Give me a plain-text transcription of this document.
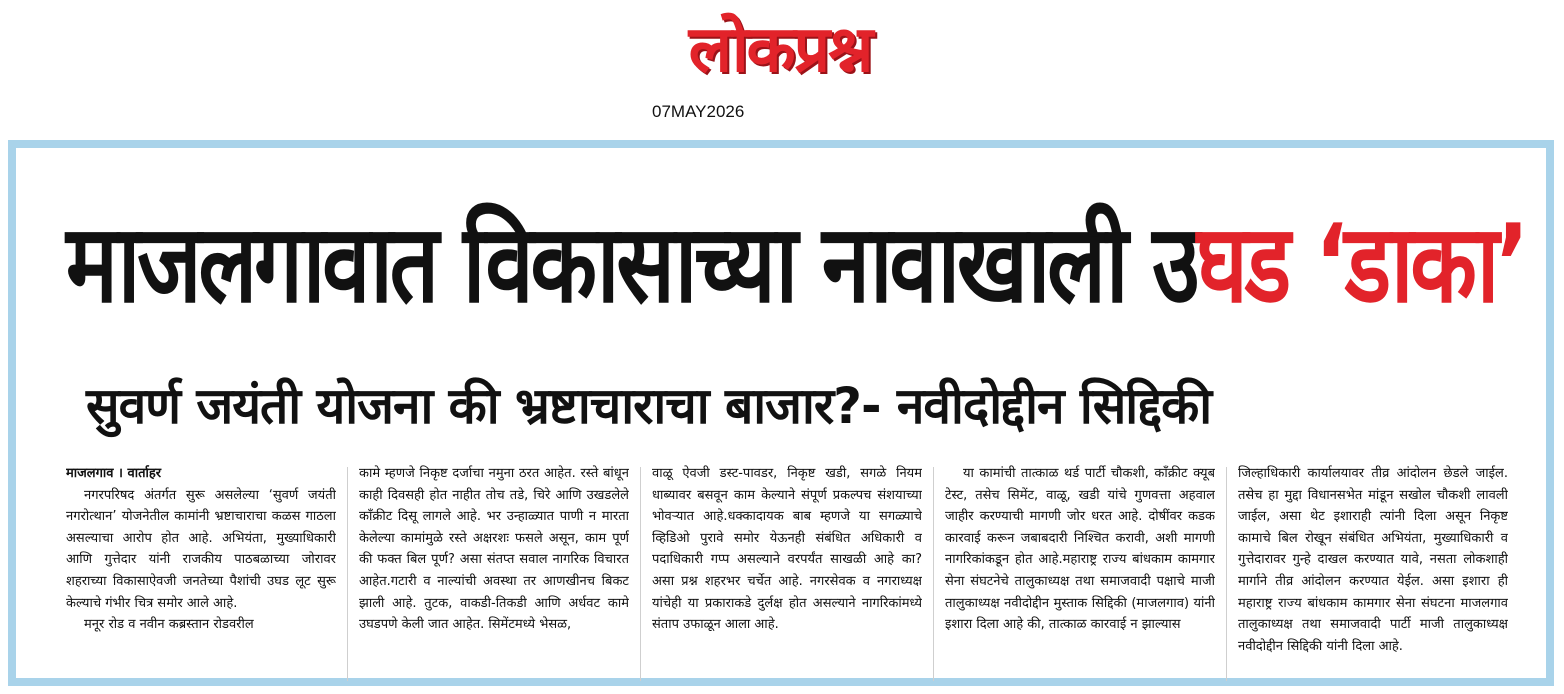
लोकप्रश्न
07MAY2026
माजलगावात विकासाच्या नावाखाली उघड ‘डाका’
सुवर्ण जयंती योजना की भ्रष्टाचाराचा बाजार?- नवीदोद्दीन सिद्दिकी

माजलगाव । वार्ताहर

नगरपरिषद अंतर्गत सुरू असलेल्या ‘सुवर्ण जयंती नगरोत्थान’ योजनेतील कामांनी भ्रष्टाचाराचा कळस गाठला असल्याचा आरोप होत आहे. अभियंता, मुख्याधिकारी आणि गुत्तेदार यांनी राजकीय पाठबळाच्या जोरावर शहराच्या विकासाऐवजी जनतेच्या पैशांची उघड लूट सुरू केल्याचे गंभीर चित्र समोर आले आहे.

मनूर रोड व नवीन कब्रस्तान रोडवरील

कामे म्हणजे निकृष्ट दर्जाचा नमुना ठरत आहेत. रस्ते बांधून काही दिवसही होत नाहीत तोच तडे, चिरे आणि उखडलेले काँक्रीट दिसू लागले आहे. भर उन्हाळ्यात पाणी न मारता केलेल्या कामांमुळे रस्ते अक्षरशः फसले असून, काम पूर्ण की फक्त बिल पूर्ण? असा संतप्त सवाल नागरिक विचारत आहेत.गटारी व नाल्यांची अवस्था तर आणखीनच बिकट झाली आहे. तुटक, वाकडी-तिकडी आणि अर्धवट कामे उघडपणे केली जात आहेत. सिमेंटमध्ये भेसळ,

वाळू ऐवजी डस्ट-पावडर, निकृष्ट खडी, सगळे नियम धाब्यावर बसवून काम केल्याने संपूर्ण प्रकल्पच संशयाच्या भोवऱ्यात आहे.धक्कादायक बाब म्हणजे या सगळ्याचे व्हिडिओ पुरावे समोर येऊनही संबंधित अधिकारी व पदाधिकारी गप्प असल्याने वरपर्यंत साखळी आहे का? असा प्रश्न शहरभर चर्चेत आहे. नगरसेवक व नगराध्यक्ष यांचेही या प्रकाराकडे दुर्लक्ष होत असल्याने नागरिकांमध्ये संताप उफाळून आला आहे.

या कामांची तात्काळ थर्ड पार्टी चौकशी, काँक्रीट क्यूब टेस्ट, तसेच सिमेंट, वाळू, खडी यांचे गुणवत्ता अहवाल जाहीर करण्याची मागणी जोर धरत आहे. दोषींवर कडक कारवाई करून जबाबदारी निश्चित करावी, अशी मागणी नागरिकांकडून होत आहे.महाराष्ट्र राज्य बांधकाम कामगार सेना संघटनेचे तालुकाध्यक्ष तथा समाजवादी पक्षाचे माजी तालुकाध्यक्ष नवीदोद्दीन मुस्ताक सिद्दिकी (माजलगाव) यांनी इशारा दिला आहे की, तात्काळ कारवाई न झाल्यास

जिल्हाधिकारी कार्यालयावर तीव्र आंदोलन छेडले जाईल. तसेच हा मुद्दा विधानसभेत मांडून सखोल चौकशी लावली जाईल, असा थेट इशाराही त्यांनी दिला असून निकृष्ट कामाचे बिल रोखून संबंधित अभियंता, मुख्याधिकारी व गुत्तेदारावर गुन्हे दाखल करण्यात यावे, नसता लोकशाही मार्गाने तीव्र आंदोलन करण्यात येईल. असा इशारा ही महाराष्ट्र राज्य बांधकाम कामगार सेना संघटना माजलगाव तालुकाध्यक्ष तथा समाजवादी पार्टी माजी तालुकाध्यक्ष नवीदोद्दीन सिद्दिकी यांनी दिला आहे.
